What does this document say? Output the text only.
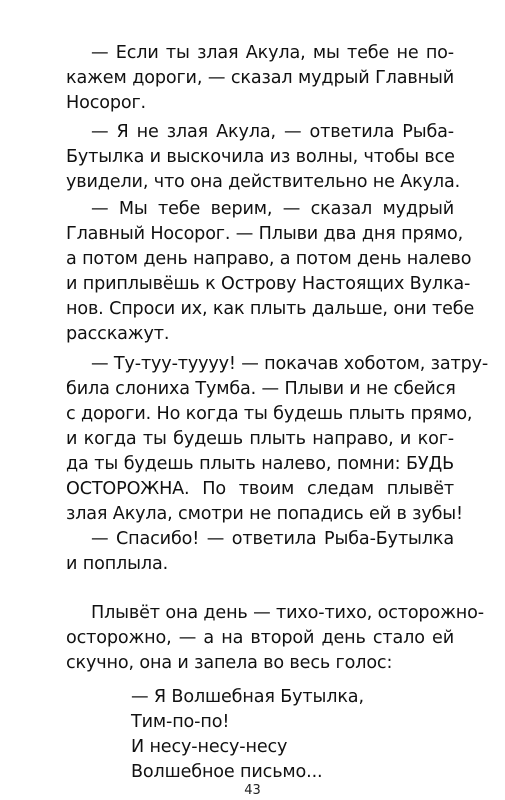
— Если ты злая Акула, мы тебе не по-
кажем дороги, — сказал мудрый Главный
Носорог.
— Я не злая Акула, — ответила Рыба-
Бутылка и выскочила из волны, чтобы все
увидели, что она действительно не Акула.
— Мы тебе верим, — сказал мудрый
Главный Носорог. — Плыви два дня прямо,
а потом день направо, а потом день налево
и приплывёшь к Острову Настоящих Вулка-
нов. Спроси их, как плыть дальше, они тебе
расскажут.
— Ту-туу-туууу! — покачав хоботом, затру-
била слониха Тумба. — Плыви и не сбейся
с дороги. Но когда ты будешь плыть прямо,
и когда ты будешь плыть направо, и ког-
да ты будешь плыть налево, помни: БУДЬ
ОСТОРОЖНА. По твоим следам плывёт
злая Акула, смотри не попадись ей в зубы!
— Спасибо! — ответила Рыба-Бутылка
и поплыла.
Плывёт она день — тихо-тихо, осторожно-
осторожно, — а на второй день стало ей
скучно, она и запела во весь голос:
— Я Волшебная Бутылка,
Тим-по-по!
И несу-несу-несу
Волшебное письмо...
43
